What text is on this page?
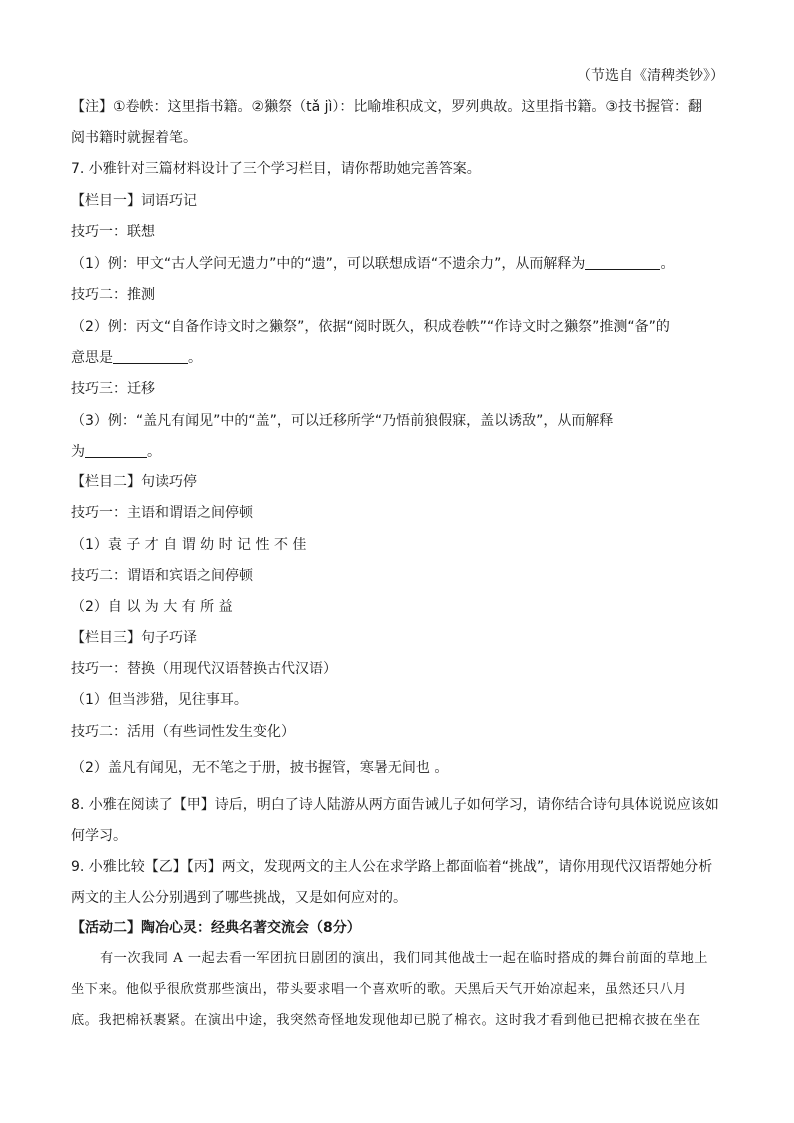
（节选自《清稗类钞》）
【注】①卷帙：这里指书籍。②獭祭（tǎ jì）：比喻堆积成文，罗列典故。这里指书籍。③技书握管：翻
阅书籍时就握着笔。
7. 小雅针对三篇材料设计了三个学习栏目，请你帮助她完善答案。
【栏目一】词语巧记
技巧一：联想
（1）例：甲文“古人学问无遗力”中的“遗”，可以联想成语“不遗余力”，从而解释为	。
技巧二：推测
（2）例：丙文“自备作诗文时之獭祭”，依据“阅时既久，积成卷帙”“作诗文时之獭祭”推测“备”的
意思是	。
技巧三：迁移
（3）例：“盖凡有闻见”中的“盖”，可以迁移所学“乃悟前狼假寐，盖以诱敌”，从而解释
为	。
【栏目二】句读巧停
技巧一：主语和谓语之间停顿
（1）袁 子 才 自 谓 幼 时 记 性 不 佳
技巧二：谓语和宾语之间停顿
（2）自 以 为 大 有 所 益
【栏目三】句子巧译
技巧一：替换（用现代汉语替换古代汉语）
（1）但当涉猎，见往事耳。
技巧二：活用（有些词性发生变化）
（2）盖凡有闻见，无不笔之于册，披书握管，寒暑无间也 。
8. 小雅在阅读了【甲】诗后，明白了诗人陆游从两方面告诫儿子如何学习，请你结合诗句具体说说应该如
何学习。
9. 小雅比较【乙】【丙】两文，发现两文的主人公在求学路上都面临着“挑战”，请你用现代汉语帮她分析
两文的主人公分别遇到了哪些挑战，又是如何应对的。
【活动二】陶冶心灵：经典名著交流会（8分）
有一次我同 A 一起去看一军团抗日剧团的演出，我们同其他战士一起在临时搭成的舞台前面的草地上
坐下来。他似乎很欣赏那些演出，带头要求唱一个喜欢听的歌。天黑后天气开始凉起来，虽然还只八月
底。我把棉袄裹紧。在演出中途，我突然奇怪地发现他却已脱了棉衣。这时我才看到他已把棉衣披在坐在
